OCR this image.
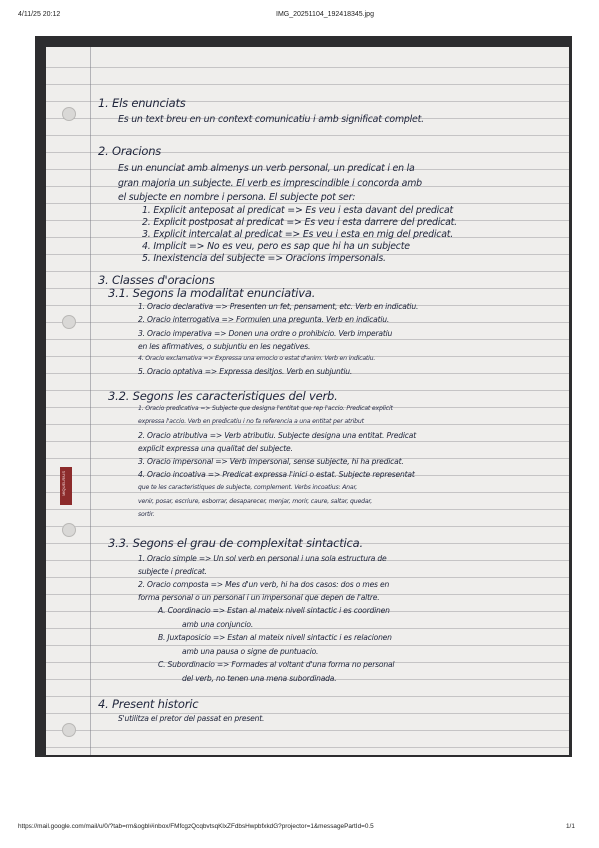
4/11/25 20:12	IMG_20251104_192418345.jpg
MIQUELRIUS
1. Els enunciats
Es un text breu en un context comunicatiu i amb significat complet.
2. Oracions
Es un enunciat amb almenys un verb personal, un predicat i en la
gran majoria un subjecte. El verb es imprescindible i concorda amb
el subjecte en nombre i persona. El subjecte pot ser:
1. Explicit anteposat al predicat => Es veu i esta davant del predicat
2. Explicit postposat al predicat => Es veu i esta darrere del predicat.
3. Explicit intercalat al predicat => Es veu i esta en mig del predicat.
4. Implicit => No es veu, pero es sap que hi ha un subjecte
5. Inexistencia del subjecte => Oracions impersonals.
3. Classes d'oracions
3.1. Segons la modalitat enunciativa.
1. Oracio declarativa => Presenten un fet, pensament, etc. Verb en indicatiu.
2. Oracio interrogativa => Formulen una pregunta. Verb en indicatiu.
3. Oracio imperativa => Donen una ordre o prohibicio. Verb imperatiu
en les afirmatives, o subjuntiu en les negatives.
4. Oracio exclamativa => Expressa una emocio o estat d'anim. Verb en indicatiu.
5. Oracio optativa => Expressa desitjos. Verb en subjuntiu.
3.2. Segons les caracteristiques del verb.
1. Oracio predicativa => Subjecte que designa l'entitat que rep l'accio. Predicat explicit
expressa l'accio. Verb en predicatiu i no fa referencia a una entitat per atribut
2. Oracio atributiva => Verb atributiu. Subjecte designa una entitat. Predicat
explicit expressa una qualitat del subjecte.
3. Oracio impersonal => Verb impersonal, sense subjecte, hi ha predicat.
4. Oracio incoativa => Predicat expressa l'inici o estat. Subjecte representat
que te les caracteristiques de subjecte, complement. Verbs incoatius: Anar,
venir, posar, escriure, esborrar, desaparecer, menjar, morir, caure, saltar, quedar,
sortir.
3.3. Segons el grau de complexitat sintactica.
1. Oracio simple => Un sol verb en personal i una sola estructura de
subjecte i predicat.
2. Oracio composta => Mes d'un verb, hi ha dos casos: dos o mes en
forma personal o un personal i un impersonal que depen de l'altre.
A. Coordinacio => Estan al mateix nivell sintactic i es coordinen
amb una conjuncio.
B. Juxtaposicio => Estan al mateix nivell sintactic i es relacionen
amb una pausa o signe de puntuacio.
C. Subordinacio => Formades al voltant d'una forma no personal
del verb, no tenen una mena subordinada.
4. Present historic
S'utilitza el pretor del passat en present.
https://mail.google.com/mail/u/0/?tab=rm&ogbl#inbox/FMfcgzQcqbvtsqKlxZFdbsHwpbfxkdG?projector=1&messagePartId=0.5	1/1
